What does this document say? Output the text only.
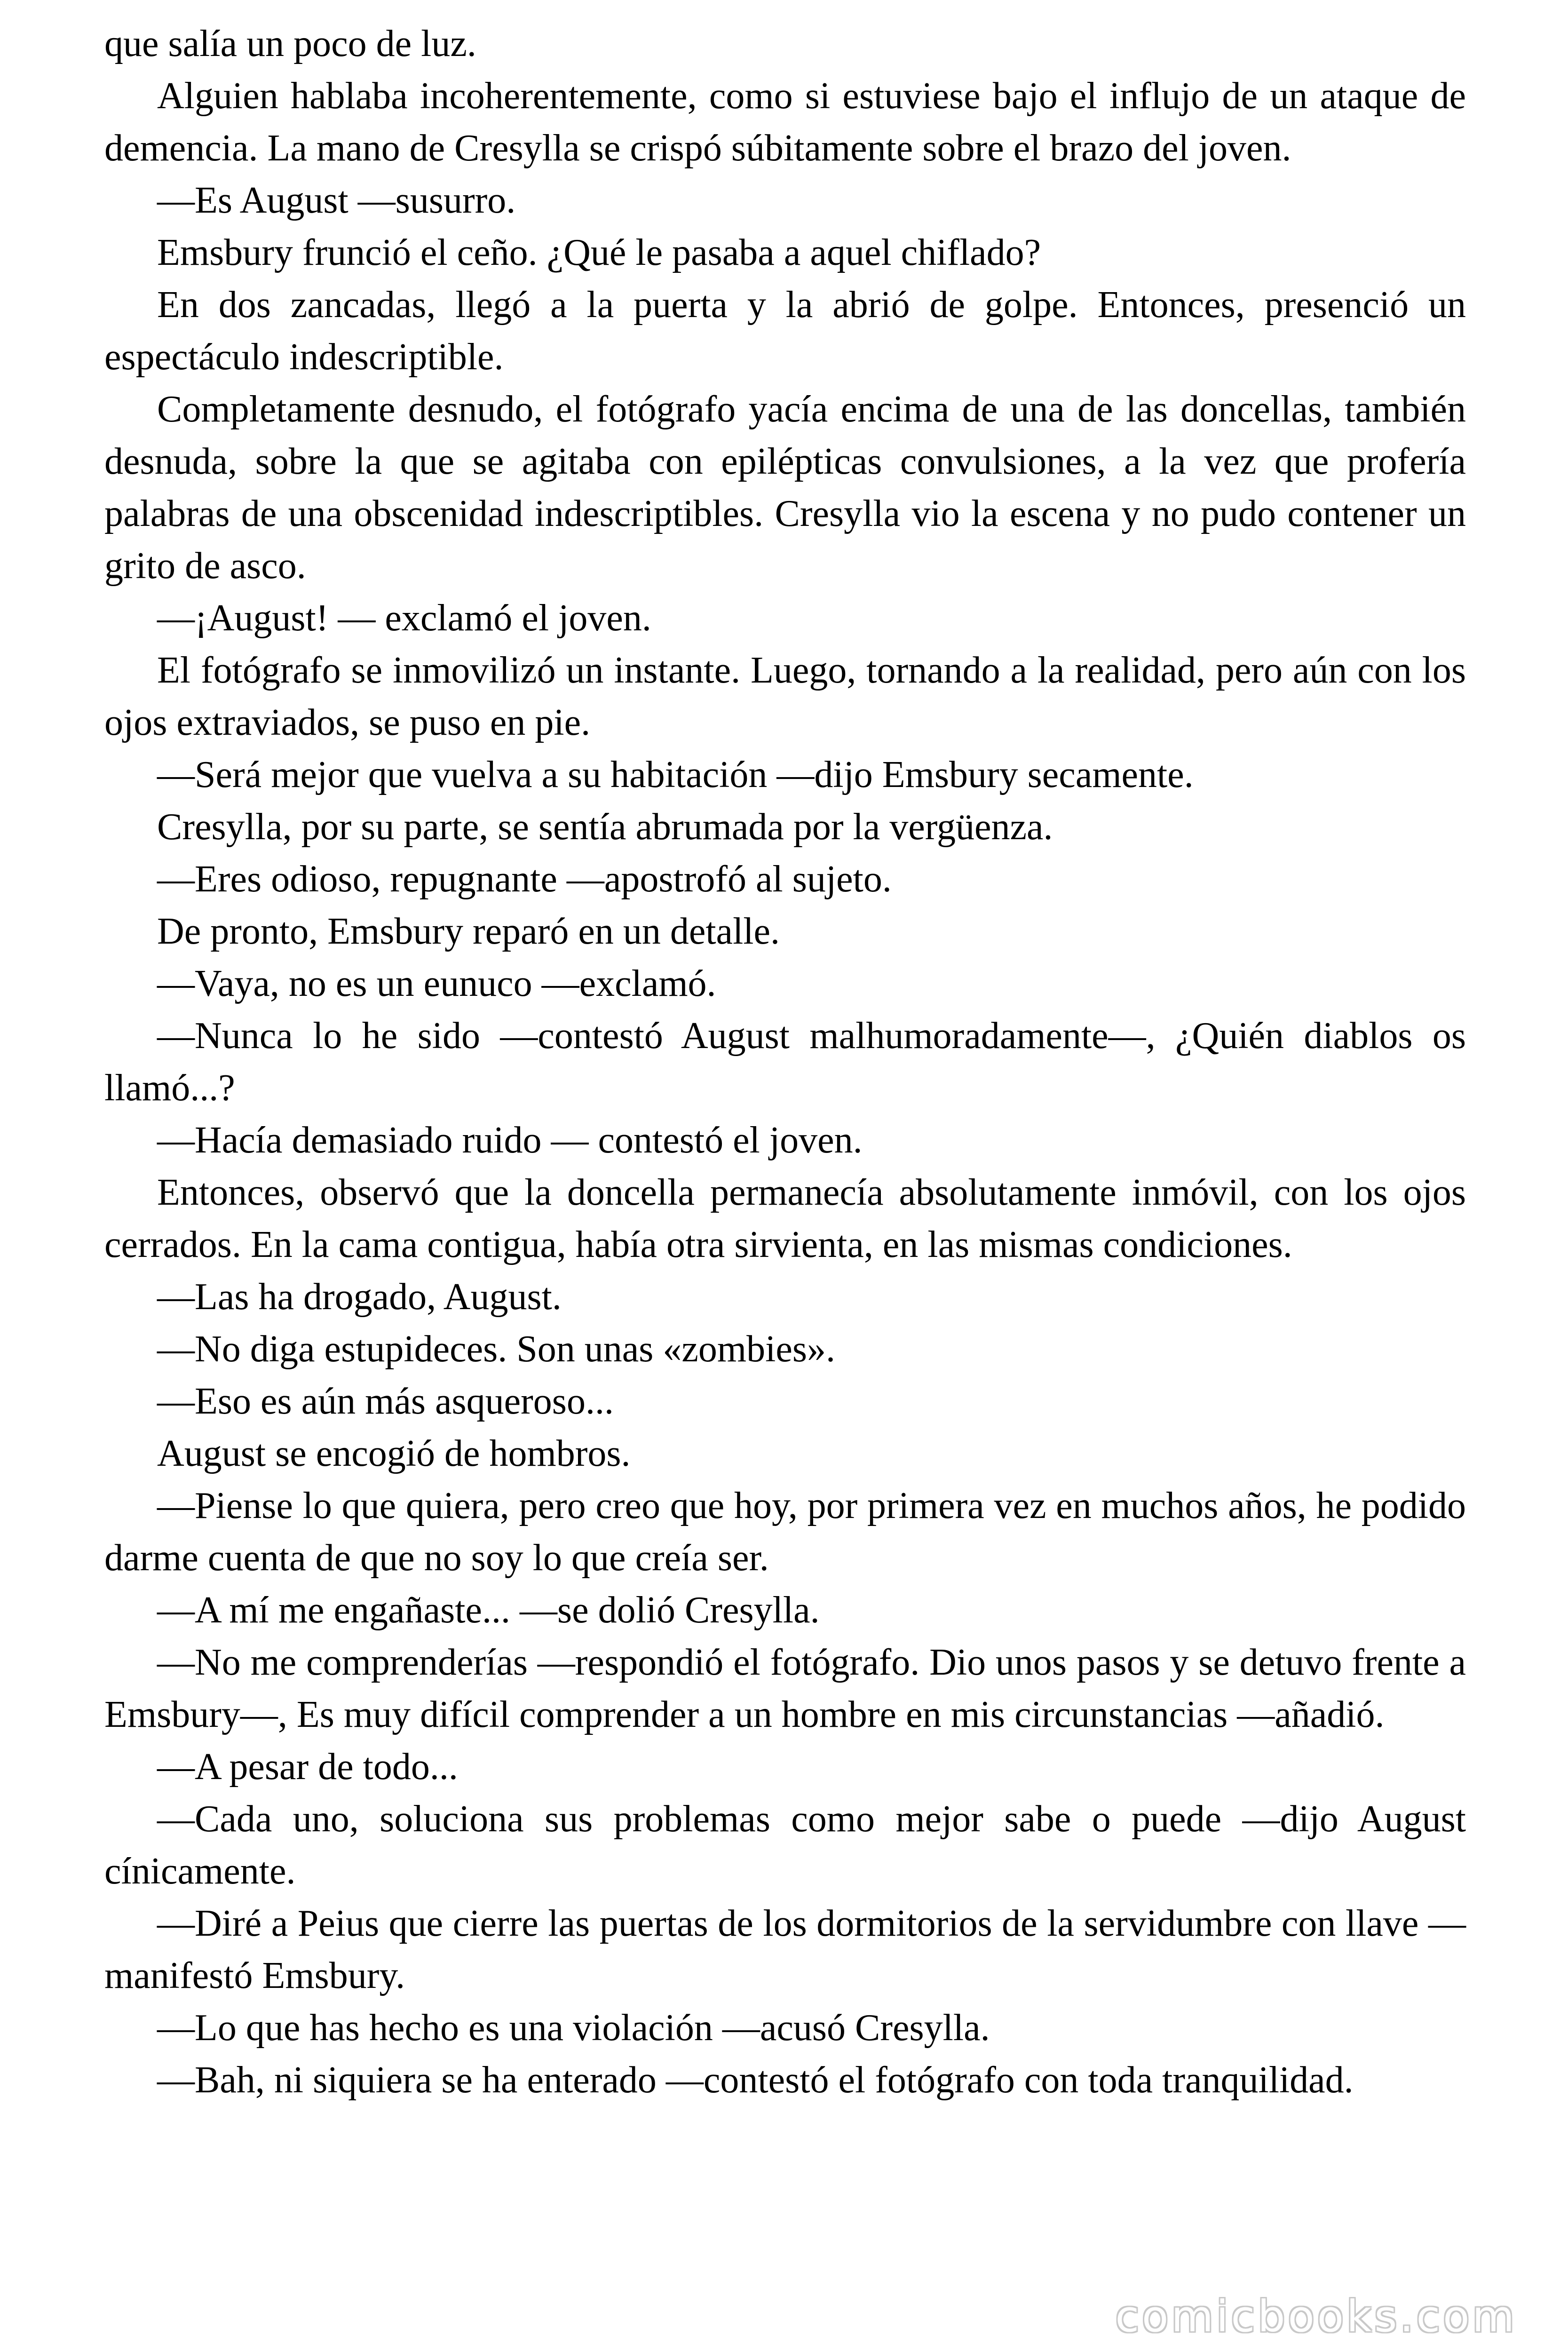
que salía un poco de luz.

Alguien hablaba incoherentemente, como si estuviese bajo el influjo de un ataque de demencia. La mano de Cresylla se crispó súbitamente sobre el brazo del joven.

—Es August —susurro.

Emsbury frunció el ceño. ¿Qué le pasaba a aquel chiflado?

En dos zancadas, llegó a la puerta y la abrió de golpe. Entonces, presenció un espectáculo indescriptible.

Completamente desnudo, el fotógrafo yacía encima de una de las doncellas, también desnuda, sobre la que se agitaba con epilépticas convulsiones, a la vez que profería palabras de una obscenidad indescriptibles. Cresylla vio la escena y no pudo contener un grito de asco.

—¡August! — exclamó el joven.

El fotógrafo se inmovilizó un instante. Luego, tornando a la realidad, pero aún con los ojos extraviados, se puso en pie.

—Será mejor que vuelva a su habitación —dijo Emsbury secamente.

Cresylla, por su parte, se sentía abrumada por la vergüenza.

—Eres odioso, repugnante —apostrofó al sujeto.

De pronto, Emsbury reparó en un detalle.

—Vaya, no es un eunuco —exclamó.

—Nunca lo he sido —contestó August malhumoradamente—, ¿Quién diablos os llamó...?

—Hacía demasiado ruido — contestó el joven.

Entonces, observó que la doncella permanecía absolutamente inmóvil, con los ojos cerrados. En la cama contigua, había otra sirvienta, en las mismas condiciones.

—Las ha drogado, August.

—No diga estupideces. Son unas «zombies».

—Eso es aún más asqueroso...

August se encogió de hombros.

—Piense lo que quiera, pero creo que hoy, por primera vez en muchos años, he podido darme cuenta de que no soy lo que creía ser.

—A mí me engañaste... —se dolió Cresylla.

—No me comprenderías —respondió el fotógrafo. Dio unos pasos y se detuvo frente a Emsbury—, Es muy difícil comprender a un hombre en mis circunstancias —añadió.

—A pesar de todo...

—Cada uno, soluciona sus problemas como mejor sabe o puede —dijo August cínicamente.

—Diré a Peius que cierre las puertas de los dormitorios de la servidumbre con llave —manifestó Emsbury.

—Lo que has hecho es una violación —acusó Cresylla.

—Bah, ni siquiera se ha enterado —contestó el fotógrafo con toda tranquilidad.

comicbooks.com
